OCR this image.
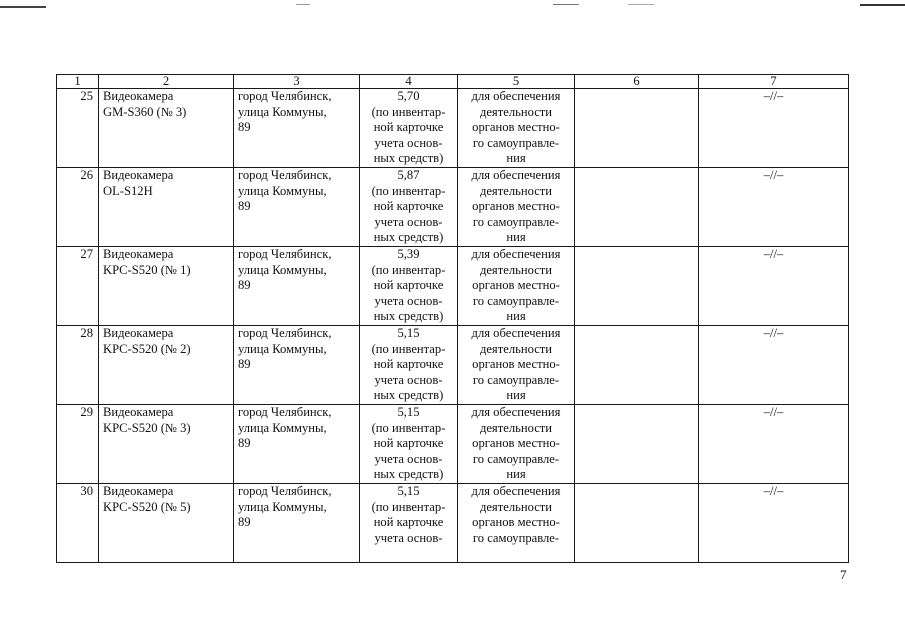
1	2	3	4	5	6	7
25	Видеокамера
GM-S360 (№ 3)	город Челябинск,
улица Коммуны,
89	5,70
(по инвентар-
ной карточке
учета основ-
ных средств)	для обеспечения
деятельности
органов местно-
го самоуправле-
ния		–//–
26	Видеокамера
OL-S12H	город Челябинск,
улица Коммуны,
89	5,87
(по инвентар-
ной карточке
учета основ-
ных средств)	для обеспечения
деятельности
органов местно-
го самоуправле-
ния		–//–
27	Видеокамера
KPC-S520 (№ 1)	город Челябинск,
улица Коммуны,
89	5,39
(по инвентар-
ной карточке
учета основ-
ных средств)	для обеспечения
деятельности
органов местно-
го самоуправле-
ния		–//–
28	Видеокамера
KPC-S520 (№ 2)	город Челябинск,
улица Коммуны,
89	5,15
(по инвентар-
ной карточке
учета основ-
ных средств)	для обеспечения
деятельности
органов местно-
го самоуправле-
ния		–//–
29	Видеокамера
KPC-S520 (№ 3)	город Челябинск,
улица Коммуны,
89	5,15
(по инвентар-
ной карточке
учета основ-
ных средств)	для обеспечения
деятельности
органов местно-
го самоуправле-
ния		–//–
30	Видеокамера
KPC-S520 (№ 5)	город Челябинск,
улица Коммуны,
89	5,15
(по инвентар-
ной карточке
учета основ-	для обеспечения
деятельности
органов местно-
го самоуправле-		–//–
7
